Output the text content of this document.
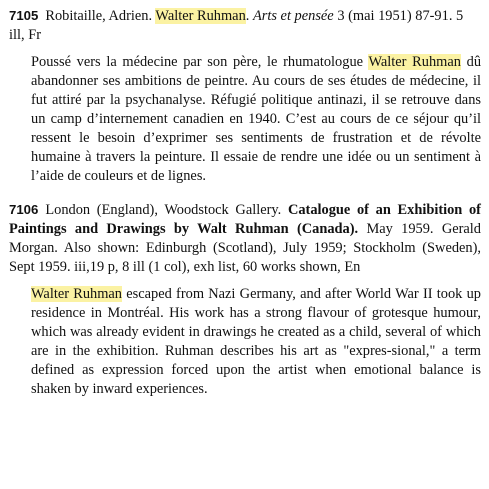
7105 Robitaille, Adrien. Walter Ruhman. Arts et pensée 3 (mai 1951) 87-91. 5 ill, Fr

Poussé vers la médecine par son père, le rhumatologue Walter Ruhman dû abandonner ses ambitions de peintre. Au cours de ses études de médecine, il fut attiré par la psychanalyse. Réfugié politique antinazi, il se retrouve dans un camp d’internement canadien en 1940. C’est au cours de ce séjour qu’il ressent le besoin d’exprimer ses sentiments de frustration et de révolte humaine à travers la peinture. Il essaie de rendre une idée ou un sentiment à l’aide de couleurs et de lignes.

7106 London (England), Woodstock Gallery. Catalogue of an Exhibition of Paintings and Drawings by Walt Ruhman (Canada). May 1959. Gerald Morgan. Also shown: Edinburgh (Scotland), July 1959; Stockholm (Sweden), Sept 1959. iii,19 p, 8 ill (1 col), exh list, 60 works shown, En

Walter Ruhman escaped from Nazi Germany, and after World War II took up residence in Montréal. His work has a strong flavour of grotesque humour, which was already evident in drawings he created as a child, several of which are in the exhibition. Ruhman describes his art as "expres-sional," a term defined as expression forced upon the artist when emotional balance is shaken by inward experiences.
